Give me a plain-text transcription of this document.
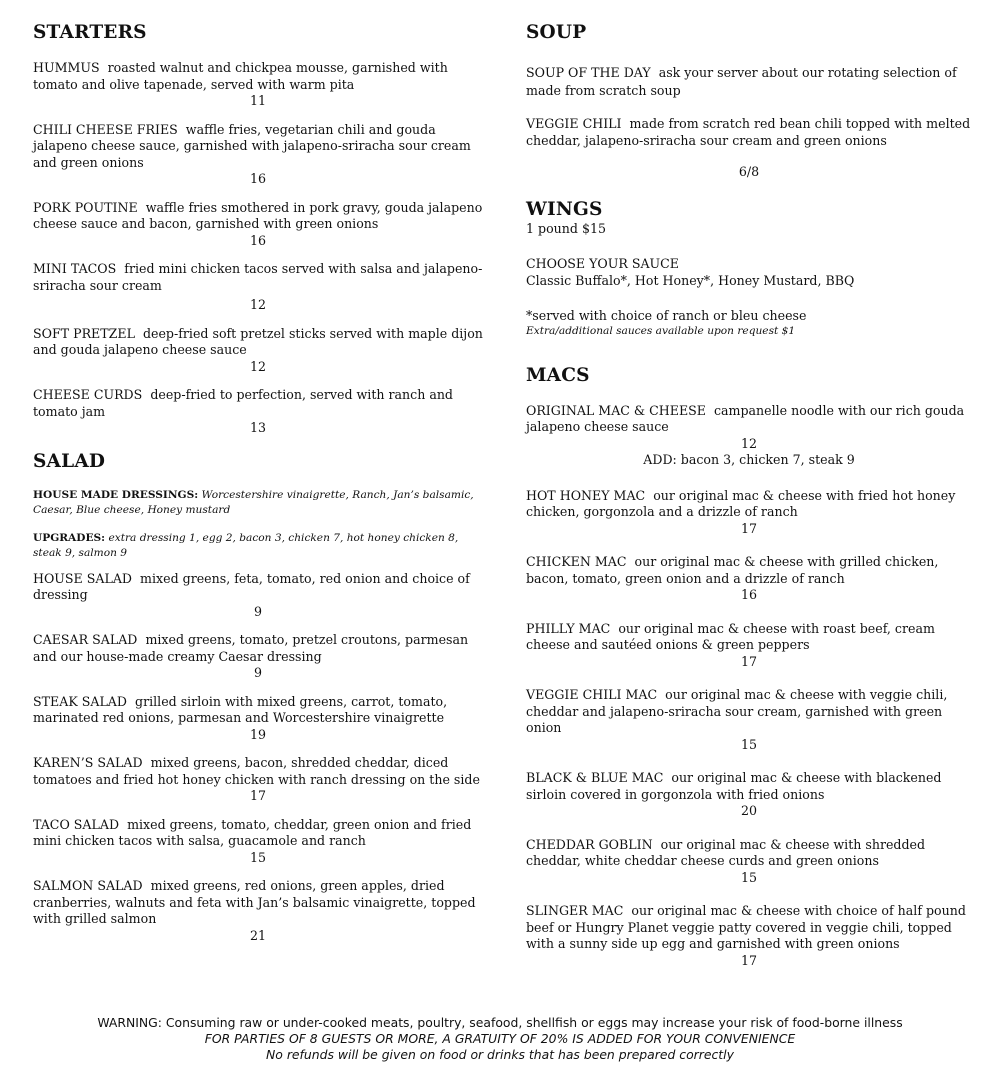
STARTERS
HUMMUS roasted walnut and chickpea mousse, garnished with tomato and olive tapenade, served with warm pita
11
CHILI CHEESE FRIES waffle fries, vegetarian chili and gouda jalapeno cheese sauce, garnished with jalapeno-sriracha sour cream and green onions
16
PORK POUTINE waffle fries smothered in pork gravy, gouda jalapeno cheese sauce and bacon, garnished with green onions
16
MINI TACOS fried mini chicken tacos served with salsa and jalapeno-sriracha sour cream
12
SOFT PRETZEL deep-fried soft pretzel sticks served with maple dijon and gouda jalapeno cheese sauce
12
CHEESE CURDS deep-fried to perfection, served with ranch and tomato jam
13
SALAD
HOUSE MADE DRESSINGS: Worcestershire vinaigrette, Ranch, Jan’s balsamic, Caesar, Blue cheese, Honey mustard
UPGRADES: extra dressing 1, egg 2, bacon 3, chicken 7, hot honey chicken 8, steak 9, salmon 9
HOUSE SALAD mixed greens, feta, tomato, red onion and choice of dressing
9
CAESAR SALAD mixed greens, tomato, pretzel croutons, parmesan and our house-made creamy Caesar dressing
9
STEAK SALAD grilled sirloin with mixed greens, carrot, tomato, marinated red onions, parmesan and Worcestershire vinaigrette
19
KAREN’S SALAD mixed greens, bacon, shredded cheddar, diced tomatoes and fried hot honey chicken with ranch dressing on the side
17
TACO SALAD mixed greens, tomato, cheddar, green onion and fried mini chicken tacos with salsa, guacamole and ranch
15
SALMON SALAD mixed greens, red onions, green apples, dried cranberries, walnuts and feta with Jan’s balsamic vinaigrette, topped with grilled salmon
21
SOUP
SOUP OF THE DAY ask your server about our rotating selection of made from scratch soup
VEGGIE CHILI made from scratch red bean chili topped with melted cheddar, jalapeno-sriracha sour cream and green onions
6/8
WINGS
1 pound $15
CHOOSE YOUR SAUCE
Classic Buffalo*, Hot Honey*, Honey Mustard, BBQ
*served with choice of ranch or bleu cheese
Extra/additional sauces available upon request $1
MACS
ORIGINAL MAC & CHEESE campanelle noodle with our rich gouda jalapeno cheese sauce
12
ADD: bacon 3, chicken 7, steak 9
HOT HONEY MAC our original mac & cheese with fried hot honey chicken, gorgonzola and a drizzle of ranch
17
CHICKEN MAC our original mac & cheese with grilled chicken, bacon, tomato, green onion and a drizzle of ranch
16
PHILLY MAC our original mac & cheese with roast beef, cream cheese and sautéed onions & green peppers
17
VEGGIE CHILI MAC our original mac & cheese with veggie chili, cheddar and jalapeno-sriracha sour cream, garnished with green onion
15
BLACK & BLUE MAC our original mac & cheese with blackened sirloin covered in gorgonzola with fried onions
20
CHEDDAR GOBLIN our original mac & cheese with shredded cheddar, white cheddar cheese curds and green onions
15
SLINGER MAC our original mac & cheese with choice of half pound beef or Hungry Planet veggie patty covered in veggie chili, topped with a sunny side up egg and garnished with green onions
17
WARNING: Consuming raw or under-cooked meats, poultry, seafood, shellfish or eggs may increase your risk of food-borne illness
FOR PARTIES OF 8 GUESTS OR MORE, A GRATUITY OF 20% IS ADDED FOR YOUR CONVENIENCE
No refunds will be given on food or drinks that has been prepared correctly
